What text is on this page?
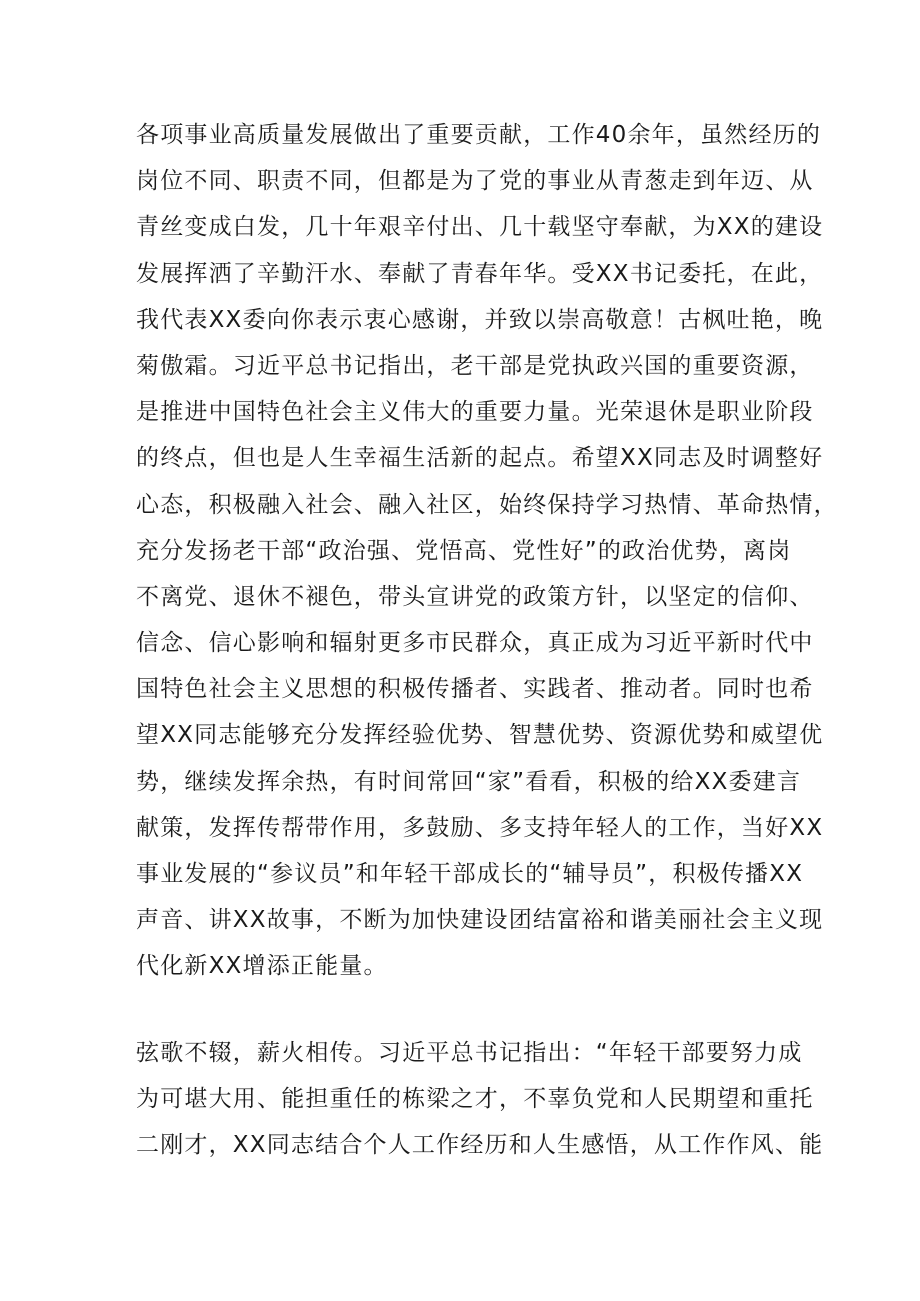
各项事业高质量发展做出了重要贡献，工作40余年，虽然经历的
岗位不同、职责不同，但都是为了党的事业从青葱走到年迈、从
青丝变成白发，几十年艰辛付出、几十载坚守奉献，为XX的建设
发展挥洒了辛勤汗水、奉献了青春年华。受XX书记委托，在此，
我代表XX委向你表示衷心感谢，并致以崇高敬意！古枫吐艳，晚
菊傲霜。习近平总书记指出，老干部是党执政兴国的重要资源，
是推进中国特色社会主义伟大的重要力量。光荣退休是职业阶段
的终点，但也是人生幸福生活新的起点。希望XX同志及时调整好
心态，积极融入社会、融入社区，始终保持学习热情、革命热情，
充分发扬老干部“政治强、党悟高、党性好”的政治优势，离岗
不离党、退休不褪色，带头宣讲党的政策方针，以坚定的信仰、
信念、信心影响和辐射更多市民群众，真正成为习近平新时代中
国特色社会主义思想的积极传播者、实践者、推动者。同时也希
望XX同志能够充分发挥经验优势、智慧优势、资源优势和威望优
势，继续发挥余热，有时间常回“家”看看，积极的给XX委建言
献策，发挥传帮带作用，多鼓励、多支持年轻人的工作，当好XX
事业发展的“参议员”和年轻干部成长的“辅导员”，积极传播XX
声音、讲XX故事，不断为加快建设团结富裕和谐美丽社会主义现
代化新XX增添正能量。
弦歌不辍，薪火相传。习近平总书记指出：“年轻干部要努力成
为可堪大用、能担重任的栋梁之才，不辜负党和人民期望和重托
二刚才，XX同志结合个人工作经历和人生感悟，从工作作风、能
